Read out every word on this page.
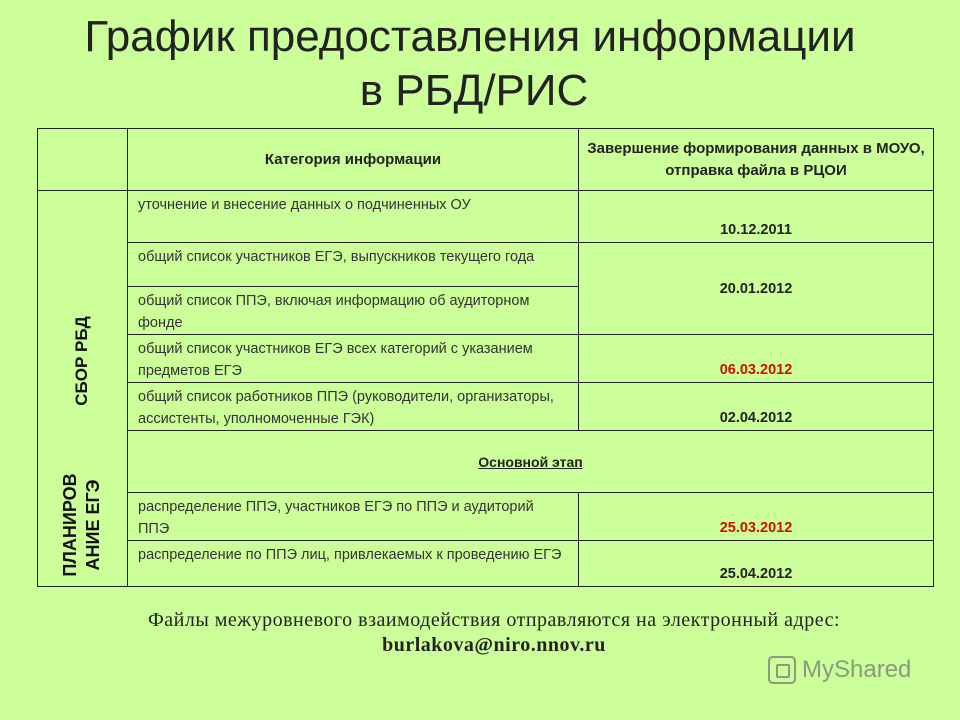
График предоставления информации
в РБД/РИС
	Категория информации	Завершение формирования данных в МОУО, отправка файла в РЦОИ

СБОР РБД
ПЛАНИРОВ АНИЕ ЕГЭ	уточнение и внесение данных о подчиненных ОУ	10.12.2011
	общий список участников ЕГЭ, выпускников текущего года	20.01.2012
	общий список ППЭ, включая информацию об аудиторном фонде	
	общий список участников ЕГЭ всех категорий с указанием предметов ЕГЭ	06.03.2012
	общий список работников ППЭ (руководители, организаторы, ассистенты, уполномоченные ГЭК)	02.04.2012
	Основной этап	
	распределение ППЭ, участников ЕГЭ по ППЭ и аудиторий ППЭ	25.03.2012
	распределение по ППЭ лиц, привлекаемых к проведению ЕГЭ	25.04.2012
Файлы межуровневого взаимодействия отправляются на электронный адрес:
burlakova@niro.nnov.ru
MyShared
